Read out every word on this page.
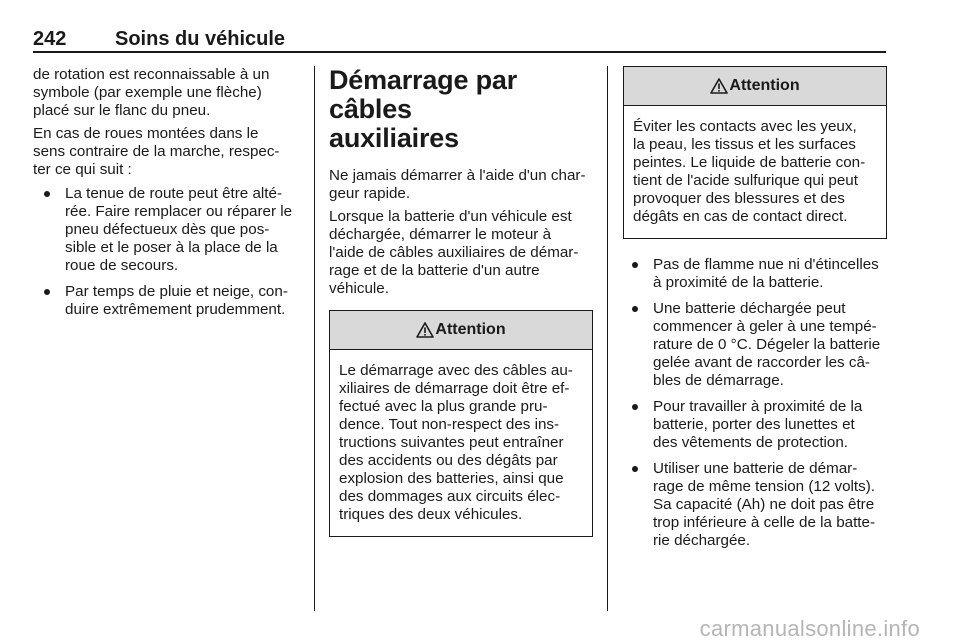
242 Soins du véhicule

de rotation est reconnaissable à un
symbole (par exemple une flèche)
placé sur le flanc du pneu.

En cas de roues montées dans le
sens contraire de la marche, respec-
ter ce qui suit :

La tenue de route peut être alté-
rée. Faire remplacer ou réparer le
pneu défectueux dès que pos-
sible et le poser à la place de la
roue de secours.
Par temps de pluie et neige, con-
duire extrêmement prudemment.
Démarrage par câbles
auxiliaires

Ne jamais démarrer à l'aide d'un char-
geur rapide.

Lorsque la batterie d'un véhicule est
déchargée, démarrer le moteur à
l'aide de câbles auxiliaires de démar-
rage et de la batterie d'un autre
véhicule.

Attention
Le démarrage avec des câbles au-
xiliaires de démarrage doit être ef-
fectué avec la plus grande pru-
dence. Tout non-respect des ins-
tructions suivantes peut entraîner
des accidents ou des dégâts par
explosion des batteries, ainsi que
des dommages aux circuits élec-
triques des deux véhicules.
Attention
Éviter les contacts avec les yeux,
la peau, les tissus et les surfaces
peintes. Le liquide de batterie con-
tient de l'acide sulfurique qui peut
provoquer des blessures et des
dégâts en cas de contact direct.
Pas de flamme nue ni d'étincelles
à proximité de la batterie.
Une batterie déchargée peut
commencer à geler à une tempé-
rature de 0 °C. Dégeler la batterie
gelée avant de raccorder les câ-
bles de démarrage.
Pour travailler à proximité de la
batterie, porter des lunettes et
des vêtements de protection.
Utiliser une batterie de démar-
rage de même tension (12 volts).
Sa capacité (Ah) ne doit pas être
trop inférieure à celle de la batte-
rie déchargée.
carmanualsonline.info
